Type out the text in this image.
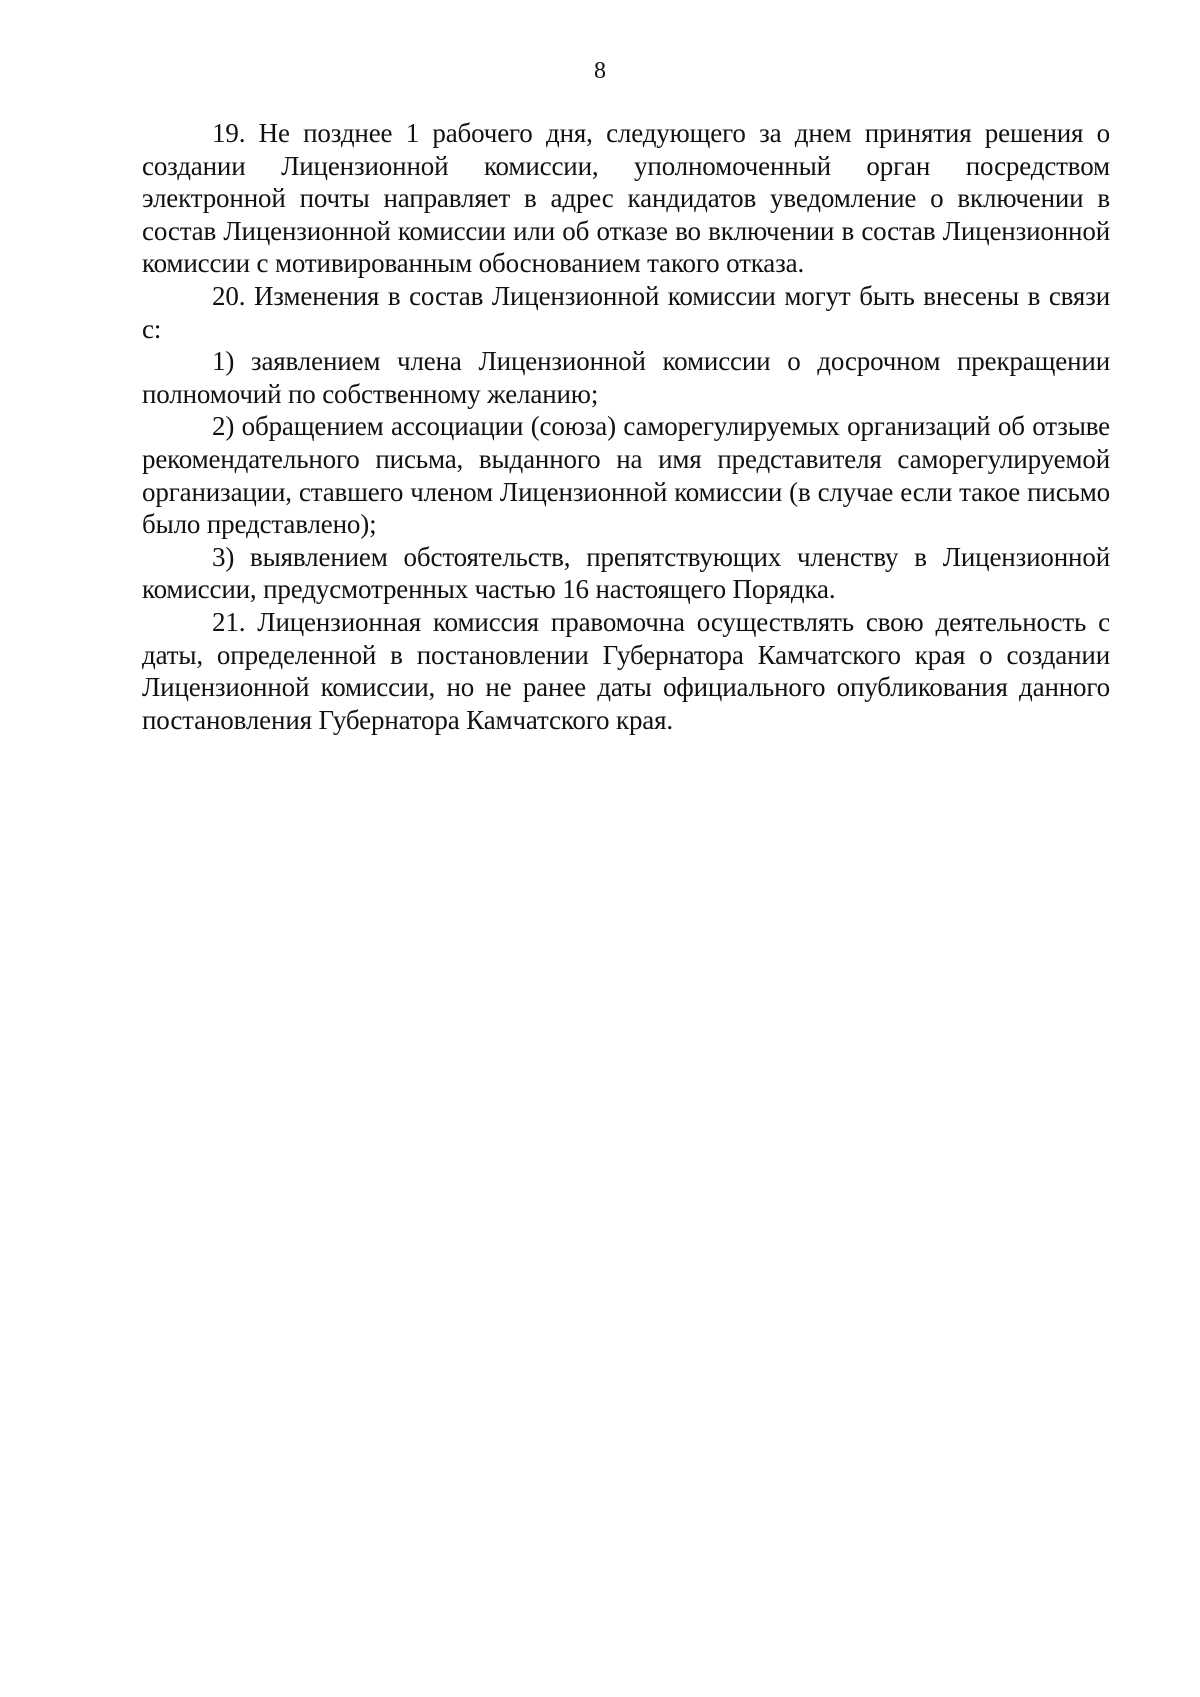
8

19. Не позднее 1 рабочего дня, следующего за днем принятия решения о создании Лицензионной комиссии, уполномоченный орган посредством электронной почты направляет в адрес кандидатов уведомление о включении в состав Лицензионной комиссии или об отказе во включении в состав Лицензионной комиссии с мотивированным обоснованием такого отказа.

20. Изменения в состав Лицензионной комиссии могут быть внесены в связи с:

1) заявлением члена Лицензионной комиссии о досрочном прекращении полномочий по собственному желанию;

2) обращением ассоциации (союза) саморегулируемых организаций об отзыве рекомендательного письма, выданного на имя представителя саморегулируемой организации, ставшего членом Лицензионной комиссии (в случае если такое письмо было представлено);

3) выявлением обстоятельств, препятствующих членству в Лицензионной комиссии, предусмотренных частью 16 настоящего Порядка.

21. Лицензионная комиссия правомочна осуществлять свою деятельность с даты, определенной в постановлении Губернатора Камчатского края о создании Лицензионной комиссии, но не ранее даты официального опубликования данного постановления Губернатора Камчатского края.
